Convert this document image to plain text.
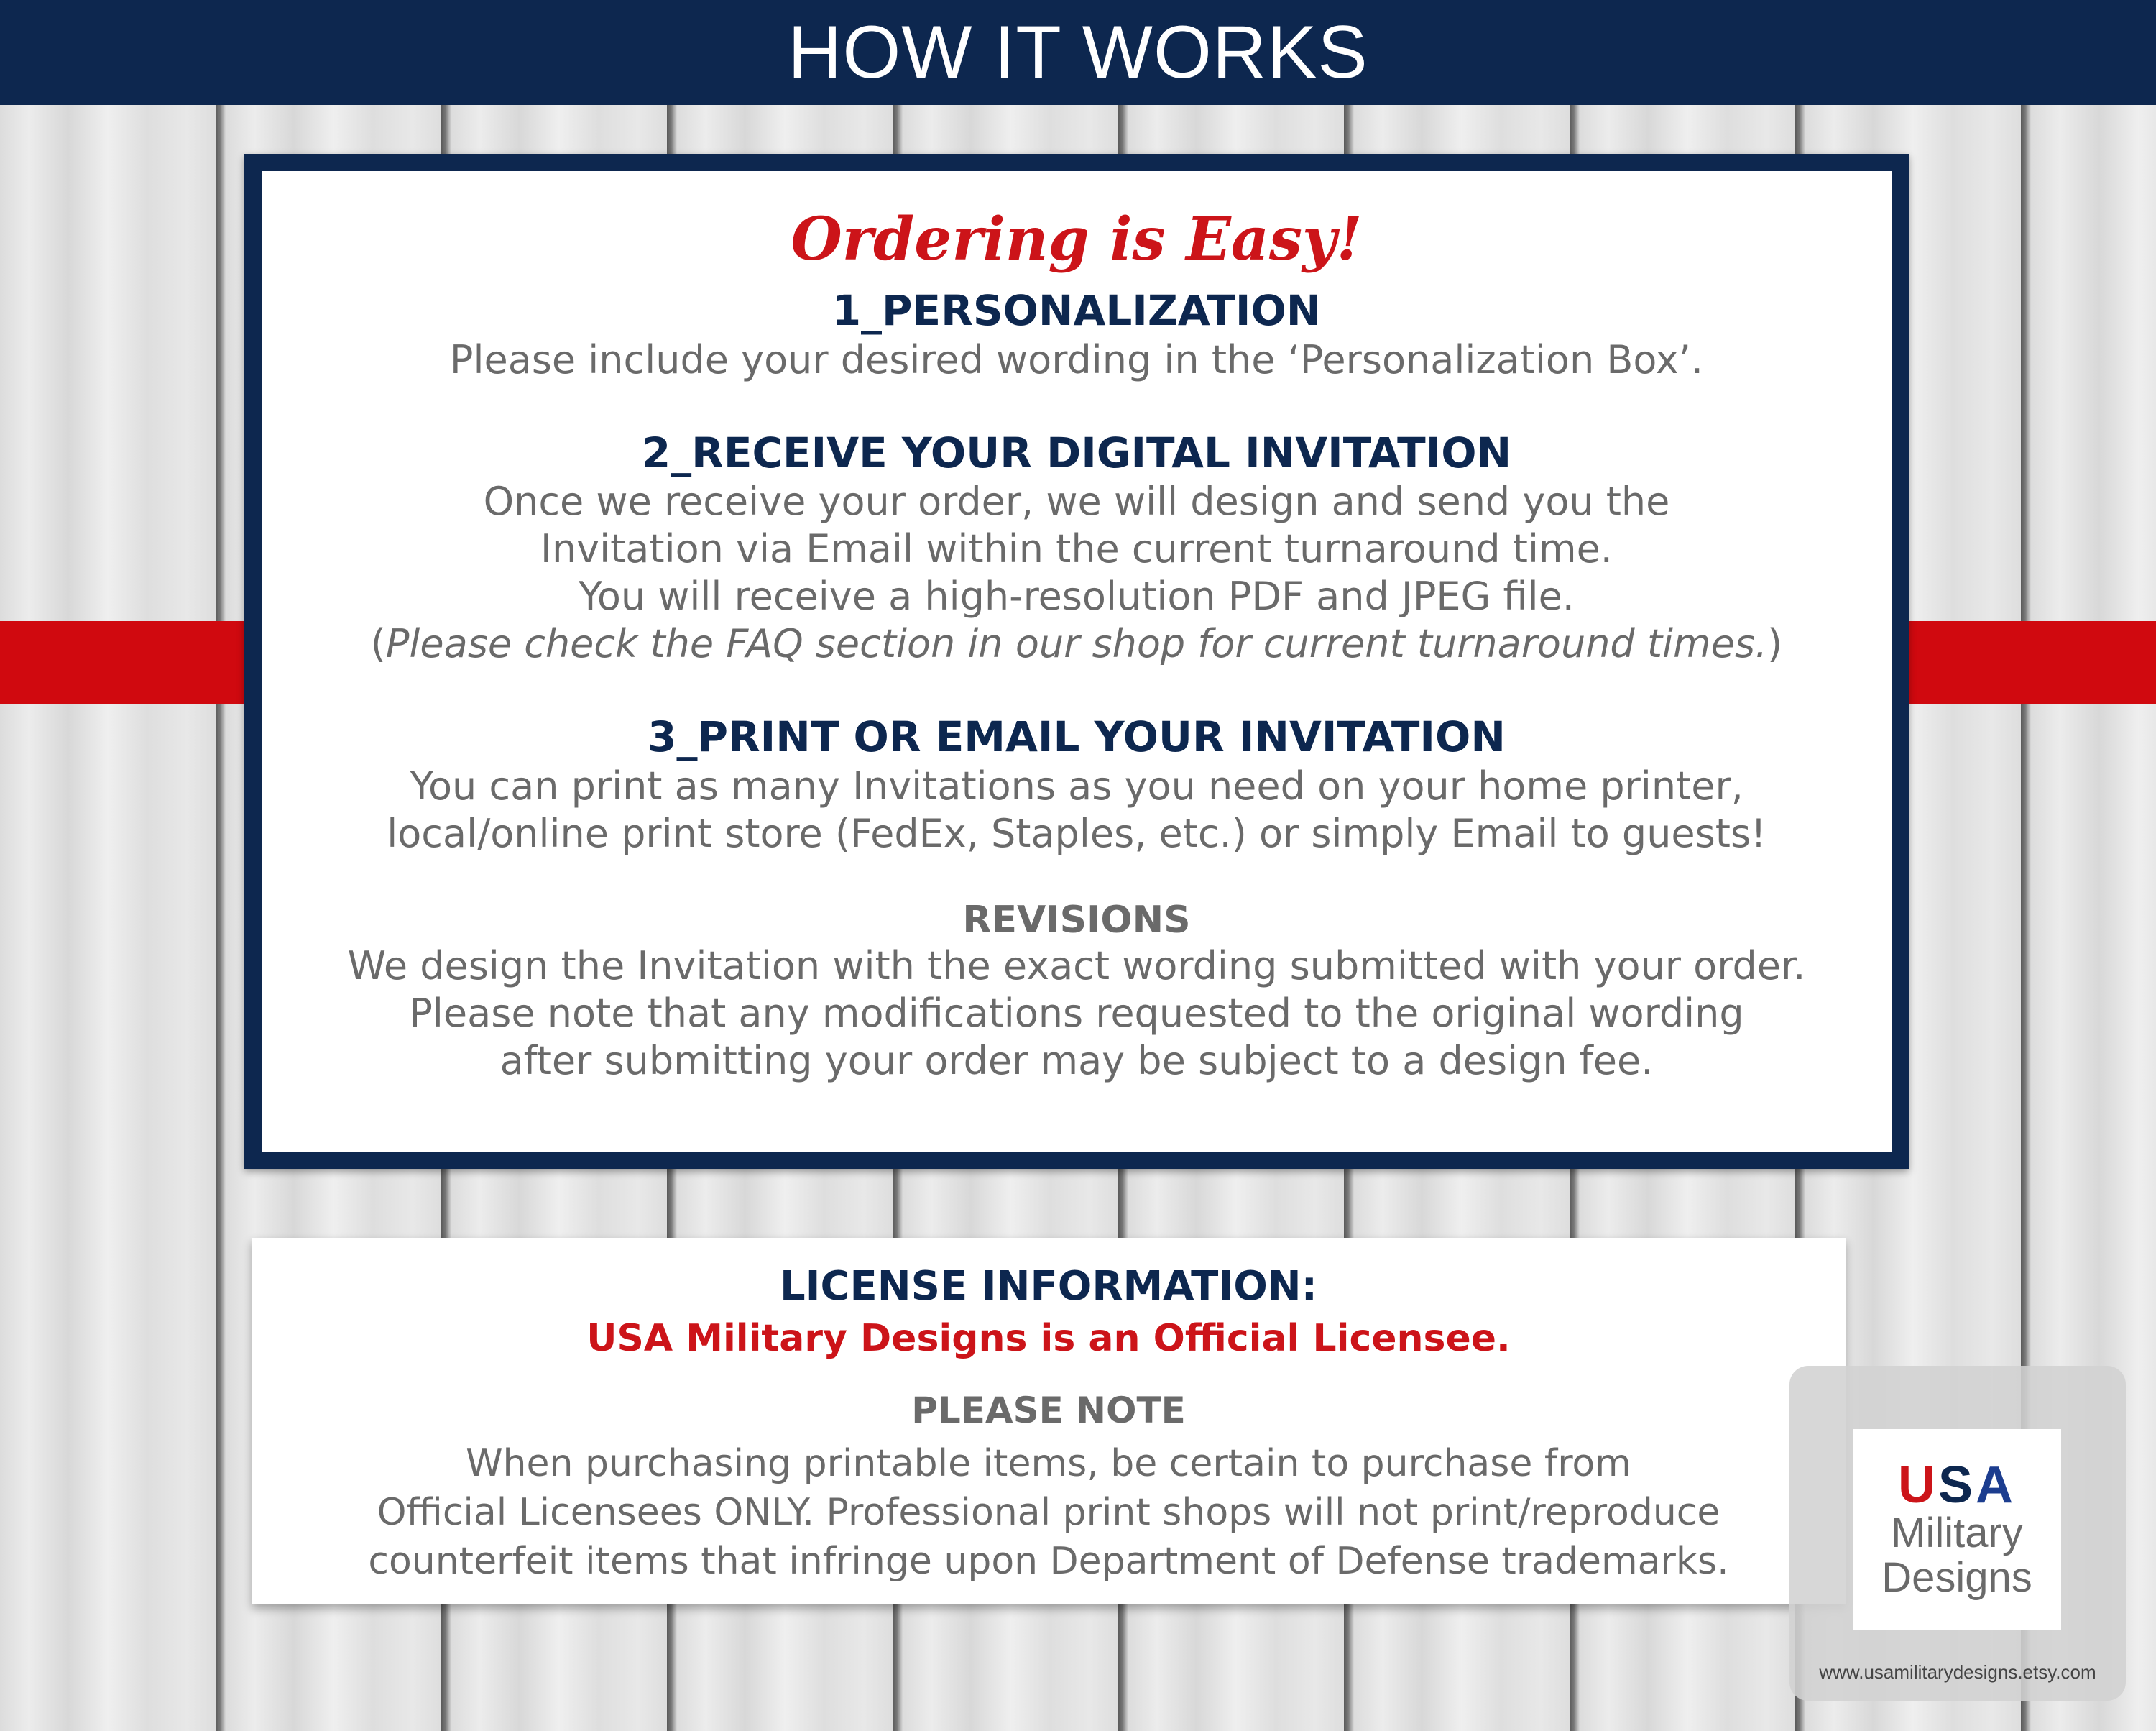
HOW IT WORKS
Ordering is Easy!
1_PERSONALIZATION
Please include your desired wording in the ‘Personalization Box’.
2_RECEIVE YOUR DIGITAL INVITATION
Once we receive your order, we will design and send you the
Invitation via Email within the current turnaround time.
You will receive a high-resolution PDF and JPEG file.
(Please check the FAQ section in our shop for current turnaround times.)
3_PRINT OR EMAIL YOUR INVITATION
You can print as many Invitations as you need on your home printer,
local/online print store (FedEx, Staples, etc.) or simply Email to guests!
REVISIONS
We design the Invitation with the exact wording submitted with your order.
Please note that any modifications requested to the original wording
after submitting your order may be subject to a design fee.
LICENSE INFORMATION:
USA Military Designs is an Official Licensee.
PLEASE NOTE
When purchasing printable items, be certain to purchase from
Official Licensees ONLY. Professional print shops will not print/reproduce
counterfeit items that infringe upon Department of Defense trademarks.
USA
Military
Designs
www.usamilitarydesigns.etsy.com
